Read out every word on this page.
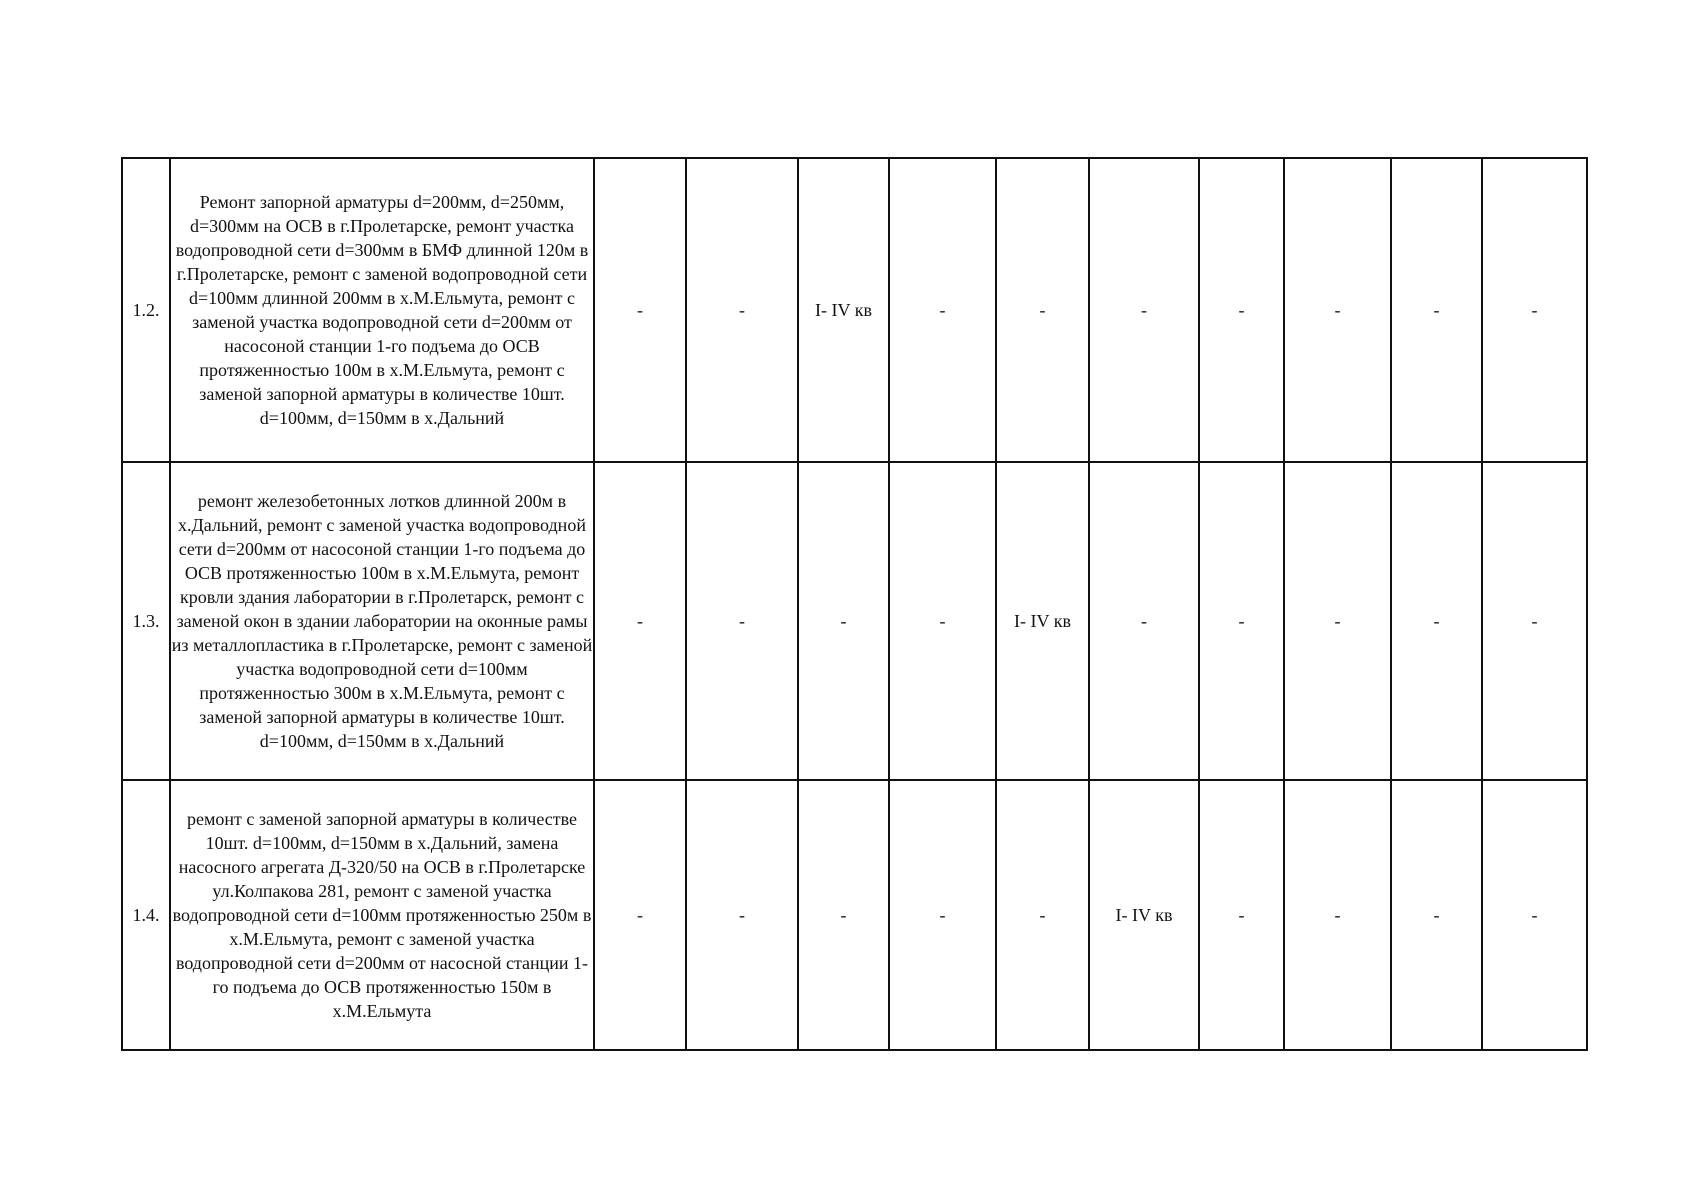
1.2.	Ремонт запорной арматуры d=200мм, d=250мм, d=300мм на ОСВ в г.Пролетарске, ремонт участка водопроводной сети d=300мм в БМФ длинной 120м в г.Пролетарске, ремонт с заменой водопроводной сети d=100мм длинной 200мм в х.М.Ельмута, ремонт с заменой участка водопроводной сети d=200мм от насосоной станции 1-го подъема до ОСВ протяженностью 100м в х.М.Ельмута, ремонт с заменой запорной арматуры в количестве 10шт. d=100мм, d=150мм в х.Дальний	-	-	I- IV кв	-	-	-	-	-	-	-
1.3.	ремонт железобетонных лотков длинной 200м в х.Дальний, ремонт с заменой участка водопроводной сети d=200мм от насосоной станции 1-го подъема до ОСВ протяженностью 100м в х.М.Ельмута, ремонт кровли здания лаборатории в г.Пролетарск, ремонт с заменой окон в здании лаборатории на оконные рамы из металлопластика в г.Пролетарске, ремонт с заменой участка водопроводной сети d=100мм протяженностью 300м в х.М.Ельмута, ремонт с заменой запорной арматуры в количестве 10шт. d=100мм, d=150мм в х.Дальний	-	-	-	-	I- IV кв	-	-	-	-	-
1.4.	ремонт с заменой запорной арматуры в количестве 10шт. d=100мм, d=150мм в х.Дальний, замена насосного агрегата Д-320/50 на ОСВ в г.Пролетарске ул.Колпакова 281, ремонт с заменой участка водопроводной сети d=100мм протяженностью 250м в х.М.Ельмута, ремонт с заменой участка водопроводной сети d=200мм от насосной станции 1-го подъема до ОСВ протяженностью 150м в х.М.Ельмута	-	-	-	-	-	I- IV кв	-	-	-	-
